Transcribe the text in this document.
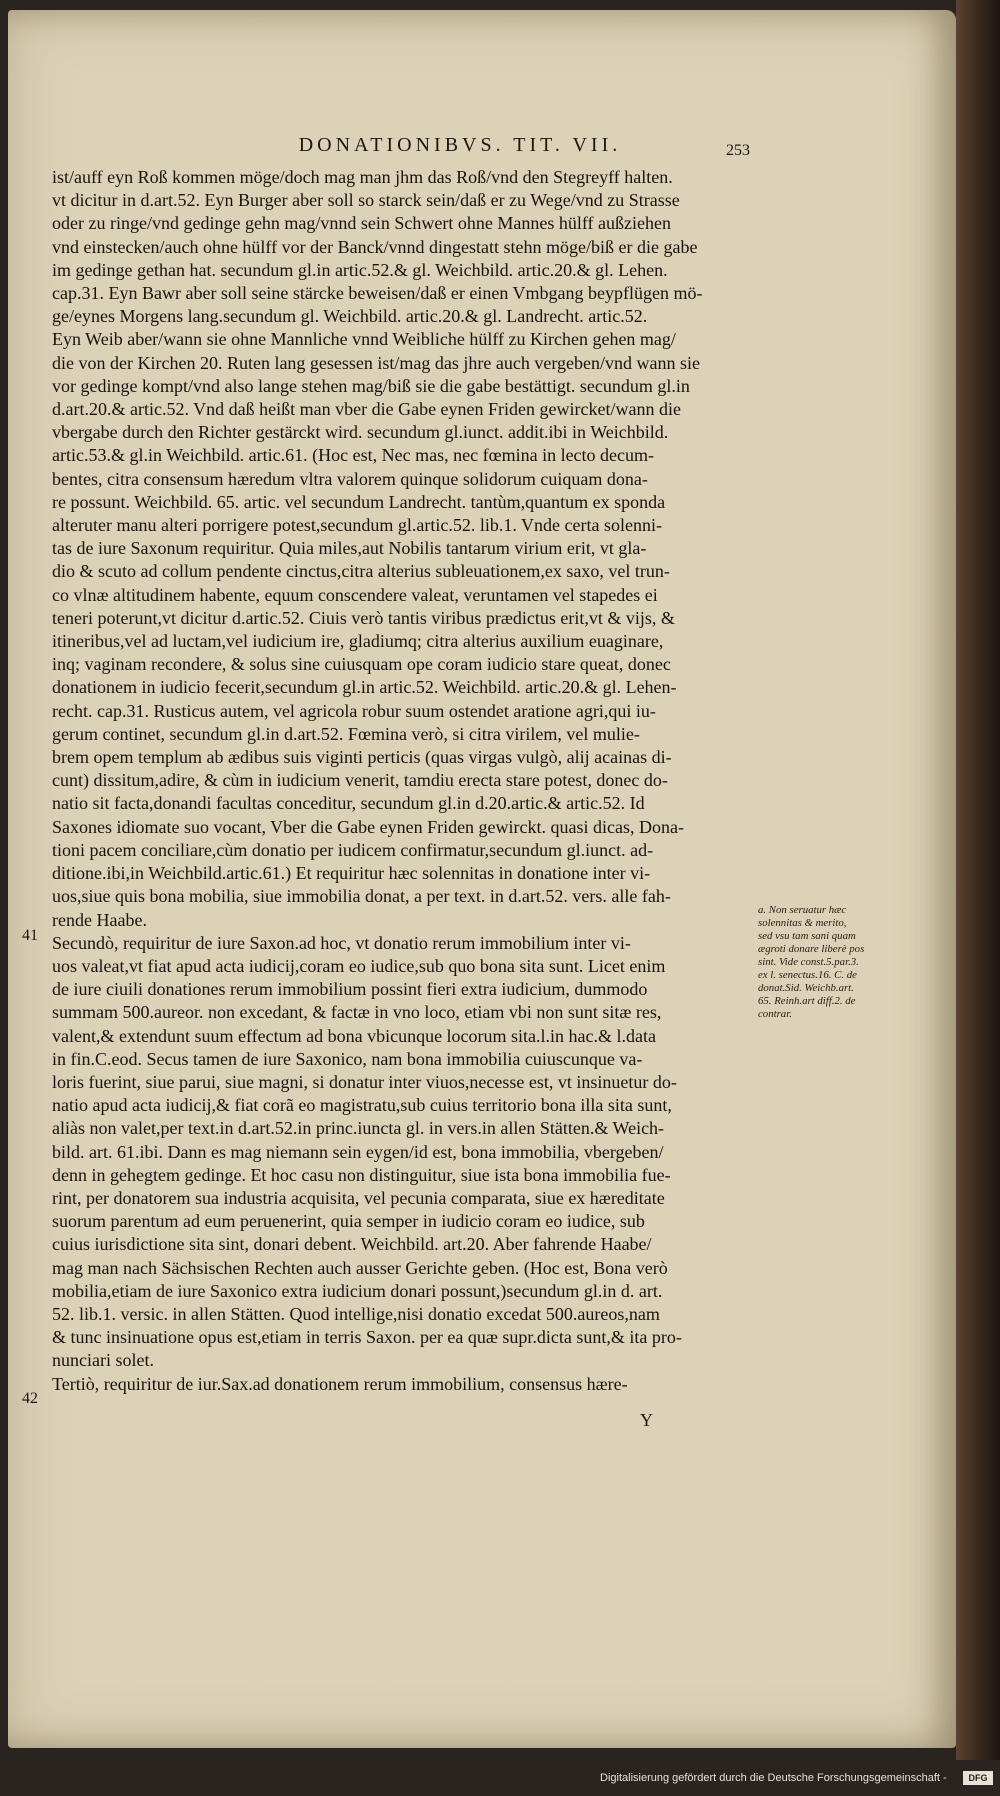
DONATIONIBVS. TIT. VII.	253
ist/auff eyn Roß kommen möge/doch mag man jhm das Roß/vnd den Stegreyff halten.
vt dicitur in d.art.52. Eyn Burger aber soll so starck sein/daß er zu Wege/vnd zu Strasse
oder zu ringe/vnd gedinge gehn mag/vnnd sein Schwert ohne Mannes hülff außziehen
vnd einstecken/auch ohne hülff vor der Banck/vnnd dingestatt stehn möge/biß er die gabe
im gedinge gethan hat. secundum gl.in artic.52.& gl. Weichbild. artic.20.& gl. Lehen.
cap.31. Eyn Bawr aber soll seine stärcke beweisen/daß er einen Vmbgang beypflügen mö-
ge/eynes Morgens lang.secundum gl. Weichbild. artic.20.& gl. Landrecht. artic.52.
Eyn Weib aber/wann sie ohne Mannliche vnnd Weibliche hülff zu Kirchen gehen mag/
die von der Kirchen 20. Ruten lang gesessen ist/mag das jhre auch vergeben/vnd wann sie
vor gedinge kompt/vnd also lange stehen mag/biß sie die gabe bestättigt. secundum gl.in
d.art.20.& artic.52. Vnd daß heißt man vber die Gabe eynen Friden gewircket/wann die
vbergabe durch den Richter gestärckt wird. secundum gl.iunct. addit.ibi in Weichbild.
artic.53.& gl.in Weichbild. artic.61. (Hoc est, Nec mas, nec fœmina in lecto decum-
bentes, citra consensum hæredum vltra valorem quinque solidorum cuiquam dona-
re possunt. Weichbild. 65. artic. vel secundum Landrecht. tantùm,quantum ex sponda
alteruter manu alteri porrigere potest,secundum gl.artic.52. lib.1. Vnde certa solenni-
tas de iure Saxonum requiritur. Quia miles,aut Nobilis tantarum virium erit, vt gla-
dio & scuto ad collum pendente cinctus,citra alterius subleuationem,ex saxo, vel trun-
co vlnæ altitudinem habente, equum conscendere valeat, veruntamen vel stapedes ei
teneri poterunt,vt dicitur d.artic.52. Ciuis verò tantis viribus prædictus erit,vt & vijs, &
itineribus,vel ad luctam,vel iudicium ire, gladiumq; citra alterius auxilium euaginare,
inq; vaginam recondere, & solus sine cuiusquam ope coram iudicio stare queat, donec
donationem in iudicio fecerit,secundum gl.in artic.52. Weichbild. artic.20.& gl. Lehen-
recht. cap.31. Rusticus autem, vel agricola robur suum ostendet aratione agri,qui iu-
gerum continet, secundum gl.in d.art.52. Fœmina verò, si citra virilem, vel mulie-
brem opem templum ab ædibus suis viginti perticis (quas virgas vulgò, alij acainas di-
cunt) dissitum,adire, & cùm in iudicium venerit, tamdiu erecta stare potest, donec do-
natio sit facta,donandi facultas conceditur, secundum gl.in d.20.artic.& artic.52. Id
Saxones idiomate suo vocant, Vber die Gabe eynen Friden gewirckt. quasi dicas, Dona-
tioni pacem conciliare,cùm donatio per iudicem confirmatur,secundum gl.iunct. ad-
ditione.ibi,in Weichbild.artic.61.) Et requiritur hæc solennitas in donatione inter vi-
uos,siue quis bona mobilia, siue immobilia donat, a per text. in d.art.52. vers. alle fah-
rende Haabe.
Secundò, requiritur de iure Saxon.ad hoc, vt donatio rerum immobilium inter vi-
uos valeat,vt fiat apud acta iudicij,coram eo iudice,sub quo bona sita sunt. Licet enim
de iure ciuili donationes rerum immobilium possint fieri extra iudicium, dummodo
summam 500.aureor. non excedant, & factæ in vno loco, etiam vbi non sunt sitæ res,
valent,& extendunt suum effectum ad bona vbicunque locorum sita.l.in hac.& l.data
in fin.C.eod. Secus tamen de iure Saxonico, nam bona immobilia cuiuscunque va-
loris fuerint, siue parui, siue magni, si donatur inter viuos,necesse est, vt insinuetur do-
natio apud acta iudicij,& fiat corã eo magistratu,sub cuius territorio bona illa sita sunt,
aliàs non valet,per text.in d.art.52.in princ.iuncta gl. in vers.in allen Stätten.& Weich-
bild. art. 61.ibi. Dann es mag niemann sein eygen/id est, bona immobilia, vbergeben/
denn in gehegtem gedinge. Et hoc casu non distinguitur, siue ista bona immobilia fue-
rint, per donatorem sua industria acquisita, vel pecunia comparata, siue ex hæreditate
suorum parentum ad eum peruenerint, quia semper in iudicio coram eo iudice, sub
cuius iurisdictione sita sint, donari debent. Weichbild. art.20. Aber fahrende Haabe/
mag man nach Sächsischen Rechten auch ausser Gerichte geben. (Hoc est, Bona verò
mobilia,etiam de iure Saxonico extra iudicium donari possunt,)secundum gl.in d. art.
52. lib.1. versic. in allen Stätten. Quod intellige,nisi donatio excedat 500.aureos,nam
& tunc insinuatione opus est,etiam in terris Saxon. per ea quæ supr.dicta sunt,& ita pro-
nunciari solet.
Tertiò, requiritur de iur.Sax.ad donationem rerum immobilium, consensus hære-
41
42
a. Non seruatur hæc
solennitas & merito,
sed vsu tam sani quam
ægroti donare liberè pos
sint. Vide const.5.par.3.
ex l. senectus.16. C. de
donat.Sid. Weichb.art.
65. Reinh.art diff.2. de
contrar.
Y
Digitalisierung gefördert durch die Deutsche Forschungsgemeinschaft -	DFG
